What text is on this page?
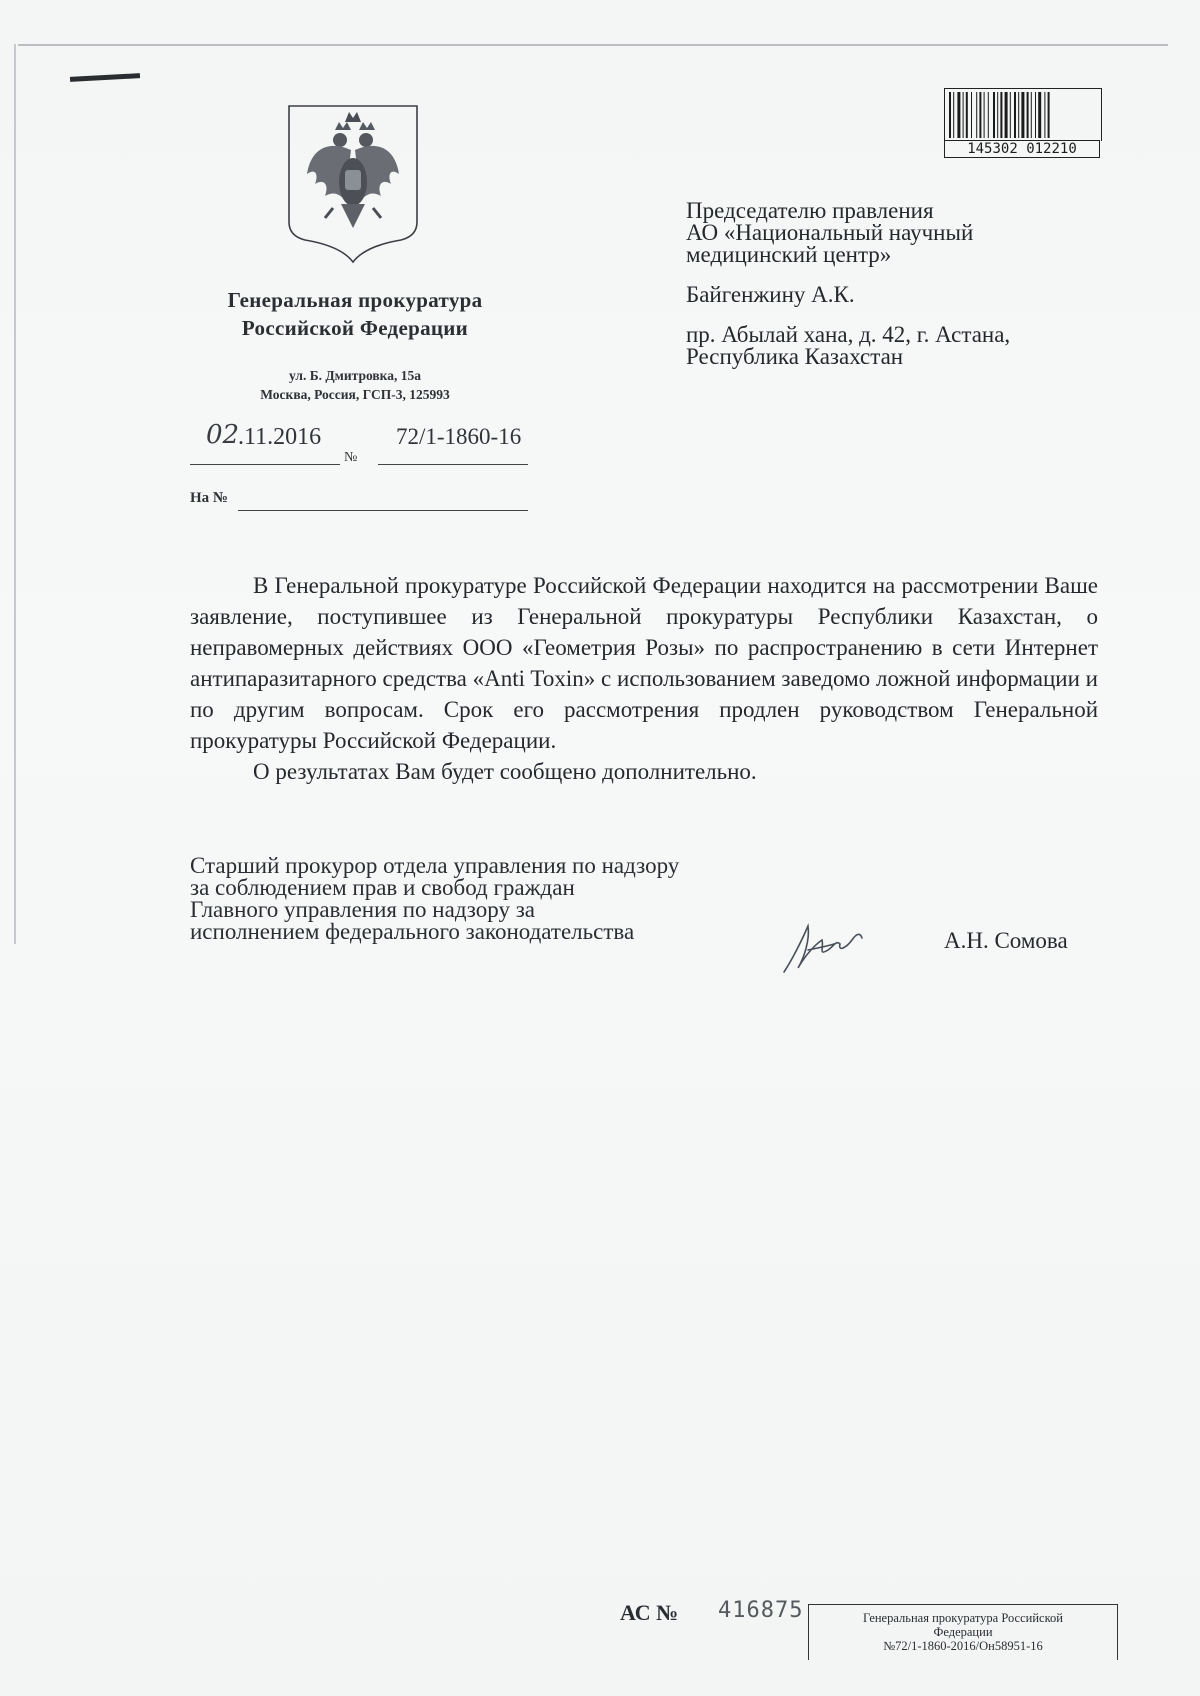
Генеральная прокуратура
Российской Федерации
ул. Б. Дмитровка, 15а
Москва, Россия, ГСП-3, 125993
02
.11.2016
№
72/1-1860-16
На №
145302 012210
Председателю правления
АО «Национальный научный
медицинский центр»
Байгенжину А.К.
пр. Абылай хана, д. 42, г. Астана,
Республика Казахстан

В Генеральной прокуратуре Российской Федерации находится на рассмотрении Ваше заявление, поступившее из Генеральной прокуратуры Республики Казахстан, о неправомерных действиях ООО «Геометрия Розы» по распространению в сети Интернет антипаразитарного средства «Anti Toxin» с использованием заведомо ложной информации и по другим вопросам. Срок его рассмотрения продлен руководством Генеральной прокуратуры Российской Федерации.

О результатах Вам будет сообщено дополнительно.

Старший прокурор отдела управления по надзору
за соблюдением прав и свобод граждан
Главного управления по надзору за
исполнением федерального законодательства	А.Н. Сомова
АС № 416875	Генеральная прокуратура Российской
Федерации
№72/1-1860-2016/Он58951-16
